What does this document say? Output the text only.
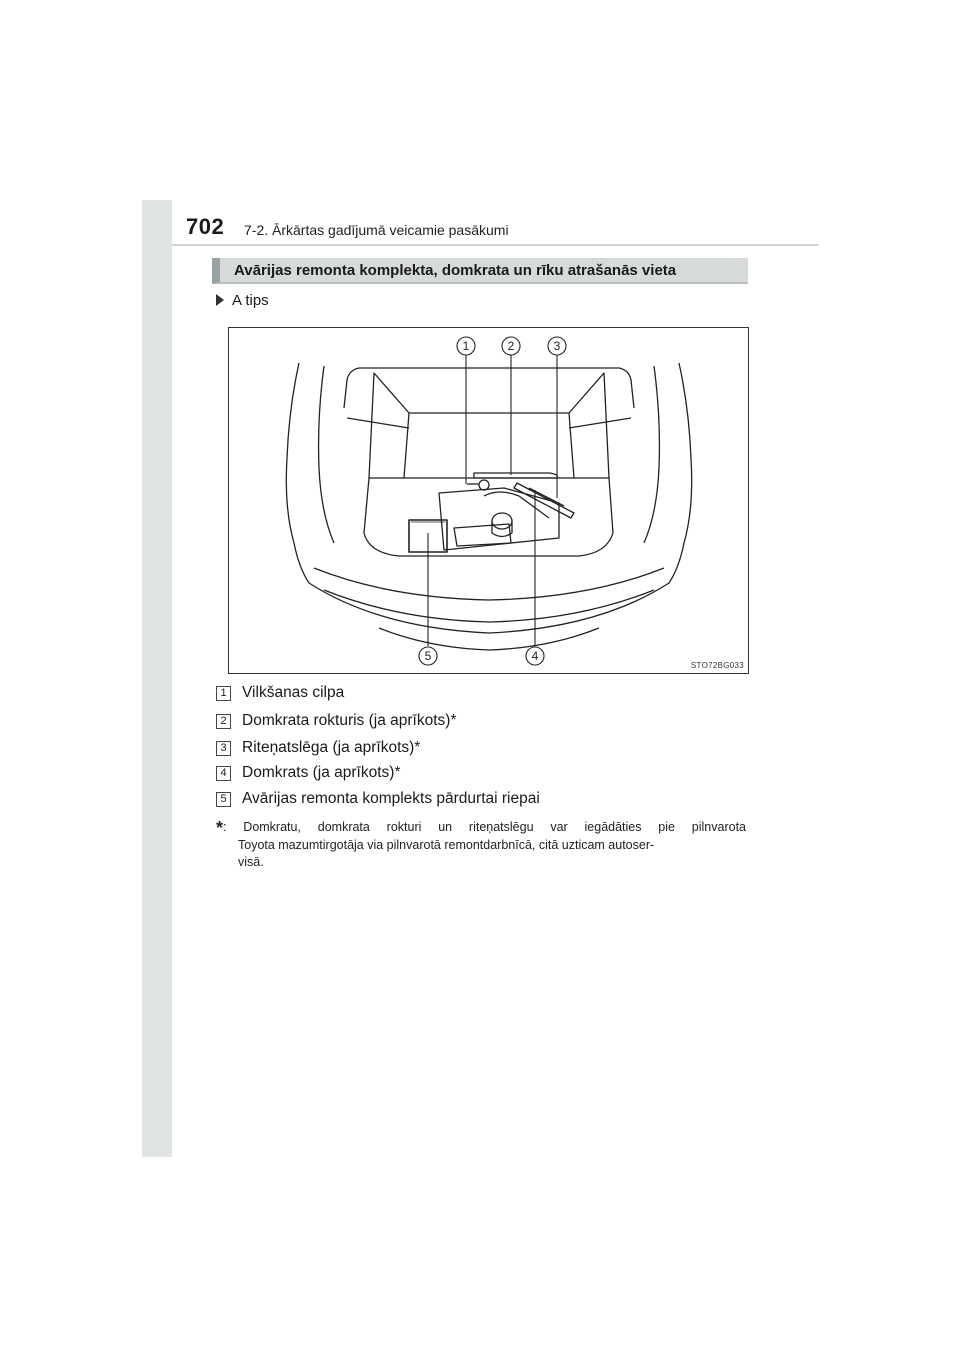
702 7-2. Ārkārtas gadījumā veicamie pasākumi
Avārijas remonta komplekta, domkrata un rīku atrašanās vieta
A tips
1	2	3
4
5
STO72BG033
1 Vilkšanas cilpa
2 Domkrata rokturis (ja aprīkots)*
3 Riteņatslēga (ja aprīkots)*
4 Domkrats (ja aprīkots)*
5 Avārijas remonta komplekts pārdurtai riepai
*: Domkratu, domkrata rokturi un riteņatslēgu var iegādāties pie pilnvarota
Toyota mazumtirgotāja via pilnvarotā remontdarbnīcā, citā uzticam autoser-
visā.
